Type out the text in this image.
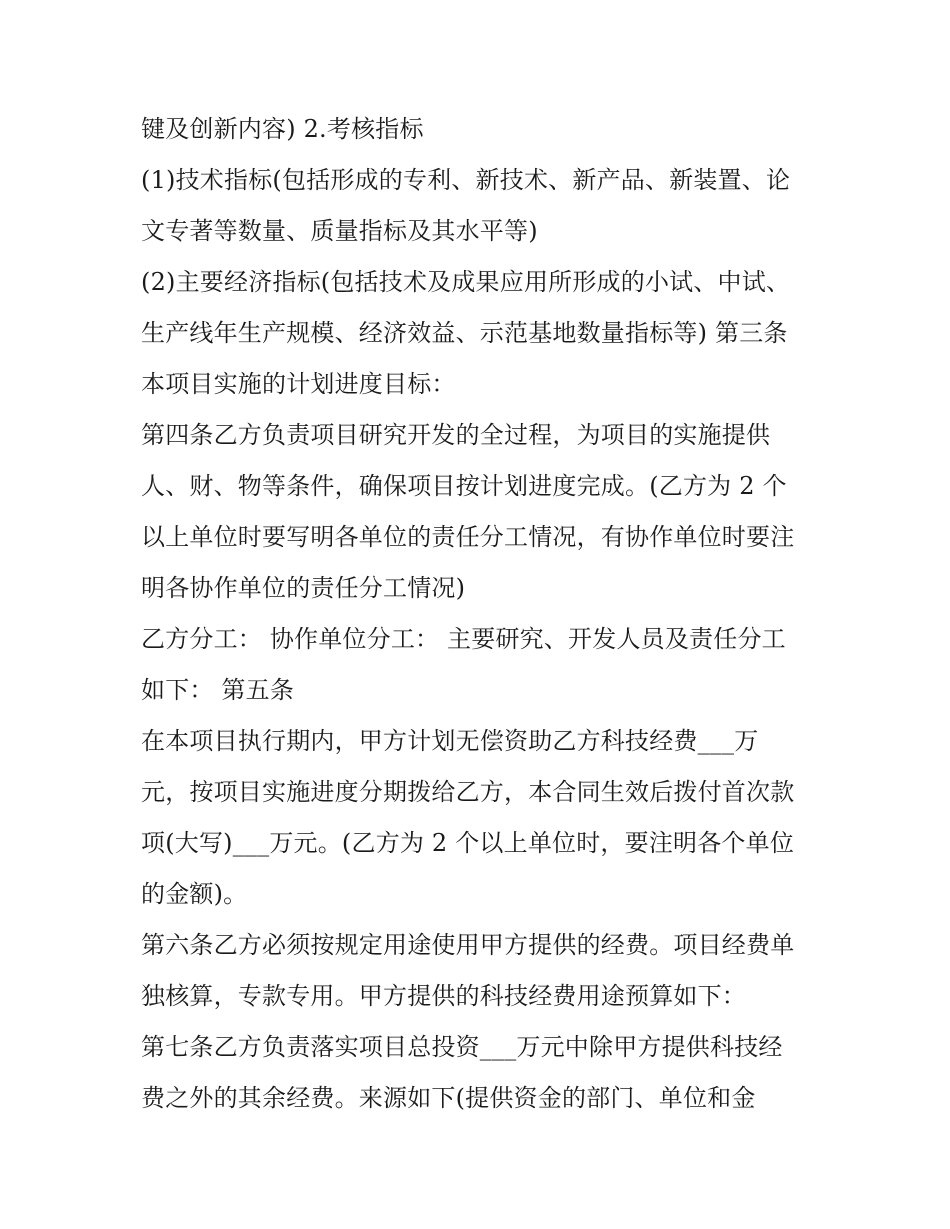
键及创新内容) 2.考核指标
(1)技术指标(包括形成的专利、新技术、新产品、新装置、论
文专著等数量、质量指标及其水平等)
(2)主要经济指标(包括技术及成果应用所形成的小试、中试、
生产线年生产规模、经济效益、示范基地数量指标等) 第三条
本项目实施的计划进度目标：
第四条乙方负责项目研究开发的全过程，为项目的实施提供
人、财、物等条件，确保项目按计划进度完成。(乙方为 2 个
以上单位时要写明各单位的责任分工情况，有协作单位时要注
明各协作单位的责任分工情况)
乙方分工： 协作单位分工： 主要研究、开发人员及责任分工
如下： 第五条
在本项目执行期内，甲方计划无偿资助乙方科技经费___万
元，按项目实施进度分期拨给乙方，本合同生效后拨付首次款
项(大写)___万元。(乙方为 2 个以上单位时，要注明各个单位
的金额)。
第六条乙方必须按规定用途使用甲方提供的经费。项目经费单
独核算，专款专用。甲方提供的科技经费用途预算如下：
第七条乙方负责落实项目总投资___万元中除甲方提供科技经
费之外的其余经费。来源如下(提供资金的部门、单位和金
